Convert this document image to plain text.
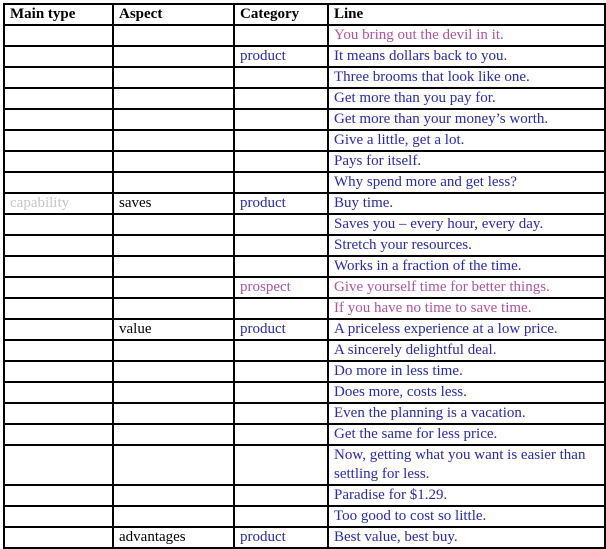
Main type	Aspect	Category	Line
			You bring out the devil in it.
		product	It means dollars back to you.
			Three brooms that look like one.
			Get more than you pay for.
			Get more than your money’s worth.
			Give a little, get a lot.
			Pays for itself.
			Why spend more and get less?
capability	saves	product	Buy time.
			Saves you – every hour, every day.
			Stretch your resources.
			Works in a fraction of the time.
		prospect	Give yourself time for better things.
			If you have no time to save time.
	value	product	A priceless experience at a low price.
			A sincerely delightful deal.
			Do more in less time.
			Does more, costs less.
			Even the planning is a vacation.
			Get the same for less price.
			Now, getting what you want is easier than settling for less.
			Paradise for $1.29.
			Too good to cost so little.
	advantages	product	Best value, best buy.
